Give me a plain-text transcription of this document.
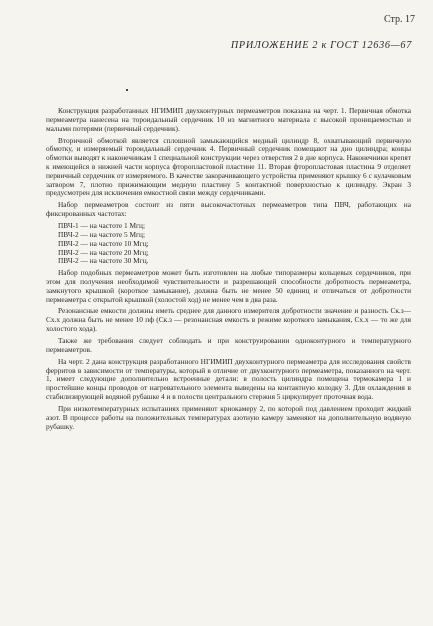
Стр. 17
ПРИЛОЖЕНИЕ 2 к ГОСТ 12636—67

Конструкция разработанных НГИМИП двухконтурных пермеаметров показана на черт. 1. Первичная обмотка пермеаметра нанесена на тороидальный сердечник 10 из магнитного материала с высокой проницаемостью и малыми потерями (первичный сердечник).

Вторичной обмоткой является сплошной замыкающийся медный цилиндр 8, охватывающий первичную обмотку, и измеряемый тороидальный сердечник 4. Первичный сердечник помещают на дно цилиндра; концы обмотки выводят к наконечникам 1 специальной конструкции через отверстия 2 в дне корпуса. Наконечники крепят к имеющейся в нижней части корпуса фторопластовой пластине 11. Вторая фторопластовая пластина 9 отделяет первичный сердечник от измеряемого. В качестве закорачивающего устройства применяют крышку 6 с кулачковым затвором 7, плотно прижимающим медную пластину 5 контактной поверхностью к цилиндру. Экран 3 предусмотрен для исключения емкостной связи между сердечниками.

Набор пермеаметров состоит из пяти высокочастотных пермеаметров типа ПВЧ, работающих на фиксированных частотах:

ПВЧ-1 — на частоте 1 Мгц;
ПВЧ-2 — на частоте 5 Мгц;
ПВЧ-2 — на частоте 10 Мгц;
ПВЧ-2 — на частоте 20 Мгц;
ПВЧ-2 — на частоте 30 Мгц.

Набор подобных пермеаметров может быть изготовлен на любые типоразмеры кольцевых сердечников, при этом для получения необходимой чувствительности и разрешающей способности добротность пермеаметра, замкнутого крышкой (короткое замыкание), должна быть не менее 50 единиц и отличаться от добротности пермеаметра с открытой крышкой (холостой ход) не менее чем в два раза.

Резонансные емкости должны иметь среднее для данного измерителя добротности значение и разность Cк.з—Cх.х должна быть не менее 10 пф (Cк.з — резонансная емкость в режиме короткого замыкания, Cх.х — то же для холостого хода).

Также же требования следует соблюдать и при конструировании однoконтурного и температурного пермеаметров.

На черт. 2 дана конструкция разработанного НГИМИП двухконтурного пермеаметра для исследования свойств ферритов в зависимости от температуры, который в отличие от двухконтурного пермеаметра, показанного на черт. 1, имеет следующие дополнительно встроенные детали: в полость цилиндра помещена термокамера 1 и простейшие концы проводов от нагревательного элемента выведены на контактную колодку 3. Для охлаждения в стабилизирующей водяной рубашке 4 и в полости центрального стержня 5 циркулирует проточная вода.

При низкотемпературных испытаниях применяют криокамеру 2, по которой под давлением проходит жидкий азот. В процессе работы на положительных температурах азотную камеру заменяют на дополнительную водяную рубашку.
